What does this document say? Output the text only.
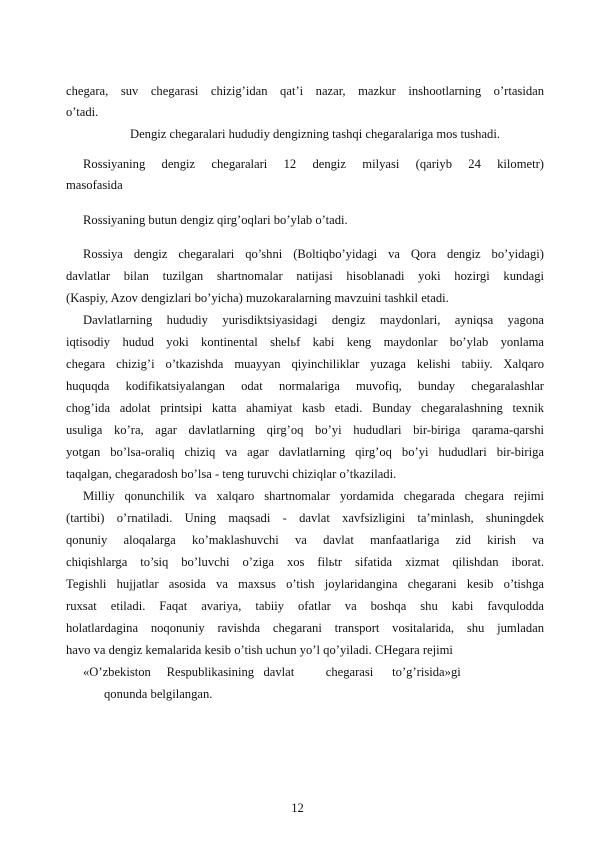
chegara, suv chegarasi chizig’idan qat’i nazar, mazkur inshootlarning o’rtasidan
o’tadi.
Dengiz chegaralari hududiy dengizning tashqi chegaralariga mos tushadi.
Rossiyaning dengiz chegaralari 12 dengiz milyasi (qariyb 24 kilometr)
masofasida
Rossiyaning butun dengiz qirg’oqlari bo’ylab o’tadi.
Rossiya dengiz chegaralari qo’shni (Boltiqbo’yidagi va Qora dengiz bo’yidagi)
davlatlar bilan tuzilgan shartnomalar natijasi hisoblanadi yoki hozirgi kundagi
(Kaspiy, Azov dengizlari bo’yicha) muzokaralarning mavzuini tashkil etadi.
Davlatlarning hududiy yurisdiktsiyasidagi dengiz maydonlari, ayniqsa yagona
iqtisodiy hudud yoki kontinental shelьf kabi keng maydonlar bo’ylab yonlama
chegara chizig’i o’tkazishda muayyan qiyinchiliklar yuzaga kelishi tabiiy. Xalqaro
huquqda kodifikatsiyalangan odat normalariga muvofiq, bunday chegaralashlar
chog’ida adolat printsipi katta ahamiyat kasb etadi. Bunday chegaralashning texnik
usuliga ko’ra, agar davlatlarning qirg’oq bo’yi hududlari bir-biriga qarama-qarshi
yotgan bo’lsa-oraliq chiziq va agar davlatlarning qirg’oq bo’yi hududlari bir-biriga
taqalgan, chegaradosh bo’lsa - teng turuvchi chiziqlar o’tkaziladi.
Milliy qonunchilik va xalqaro shartnomalar yordamida chegarada chegara rejimi
(tartibi) o’rnatiladi. Uning maqsadi - davlat xavfsizligini ta’minlash, shuningdek
qonuniy aloqalarga ko’maklashuvchi va davlat manfaatlariga zid kirish va
chiqishlarga to’siq bo’luvchi o’ziga xos filьtr sifatida xizmat qilishdan iborat.
Tegishli hujjatlar asosida va maxsus o’tish joylaridangina chegarani kesib o’tishga
ruxsat etiladi. Faqat avariya, tabiiy ofatlar va boshqa shu kabi favqulodda
holatlardagina noqonuniy ravishda chegarani transport vositalarida, shu jumladan
havo va dengiz kemalarida kesib o’tish uchun yo’l qo’yiladi. CHegara rejimi
«O’zbekiston     Respublikasining   davlat          chegarasi      to’g’risida»gi
qonunda belgilangan.
12
